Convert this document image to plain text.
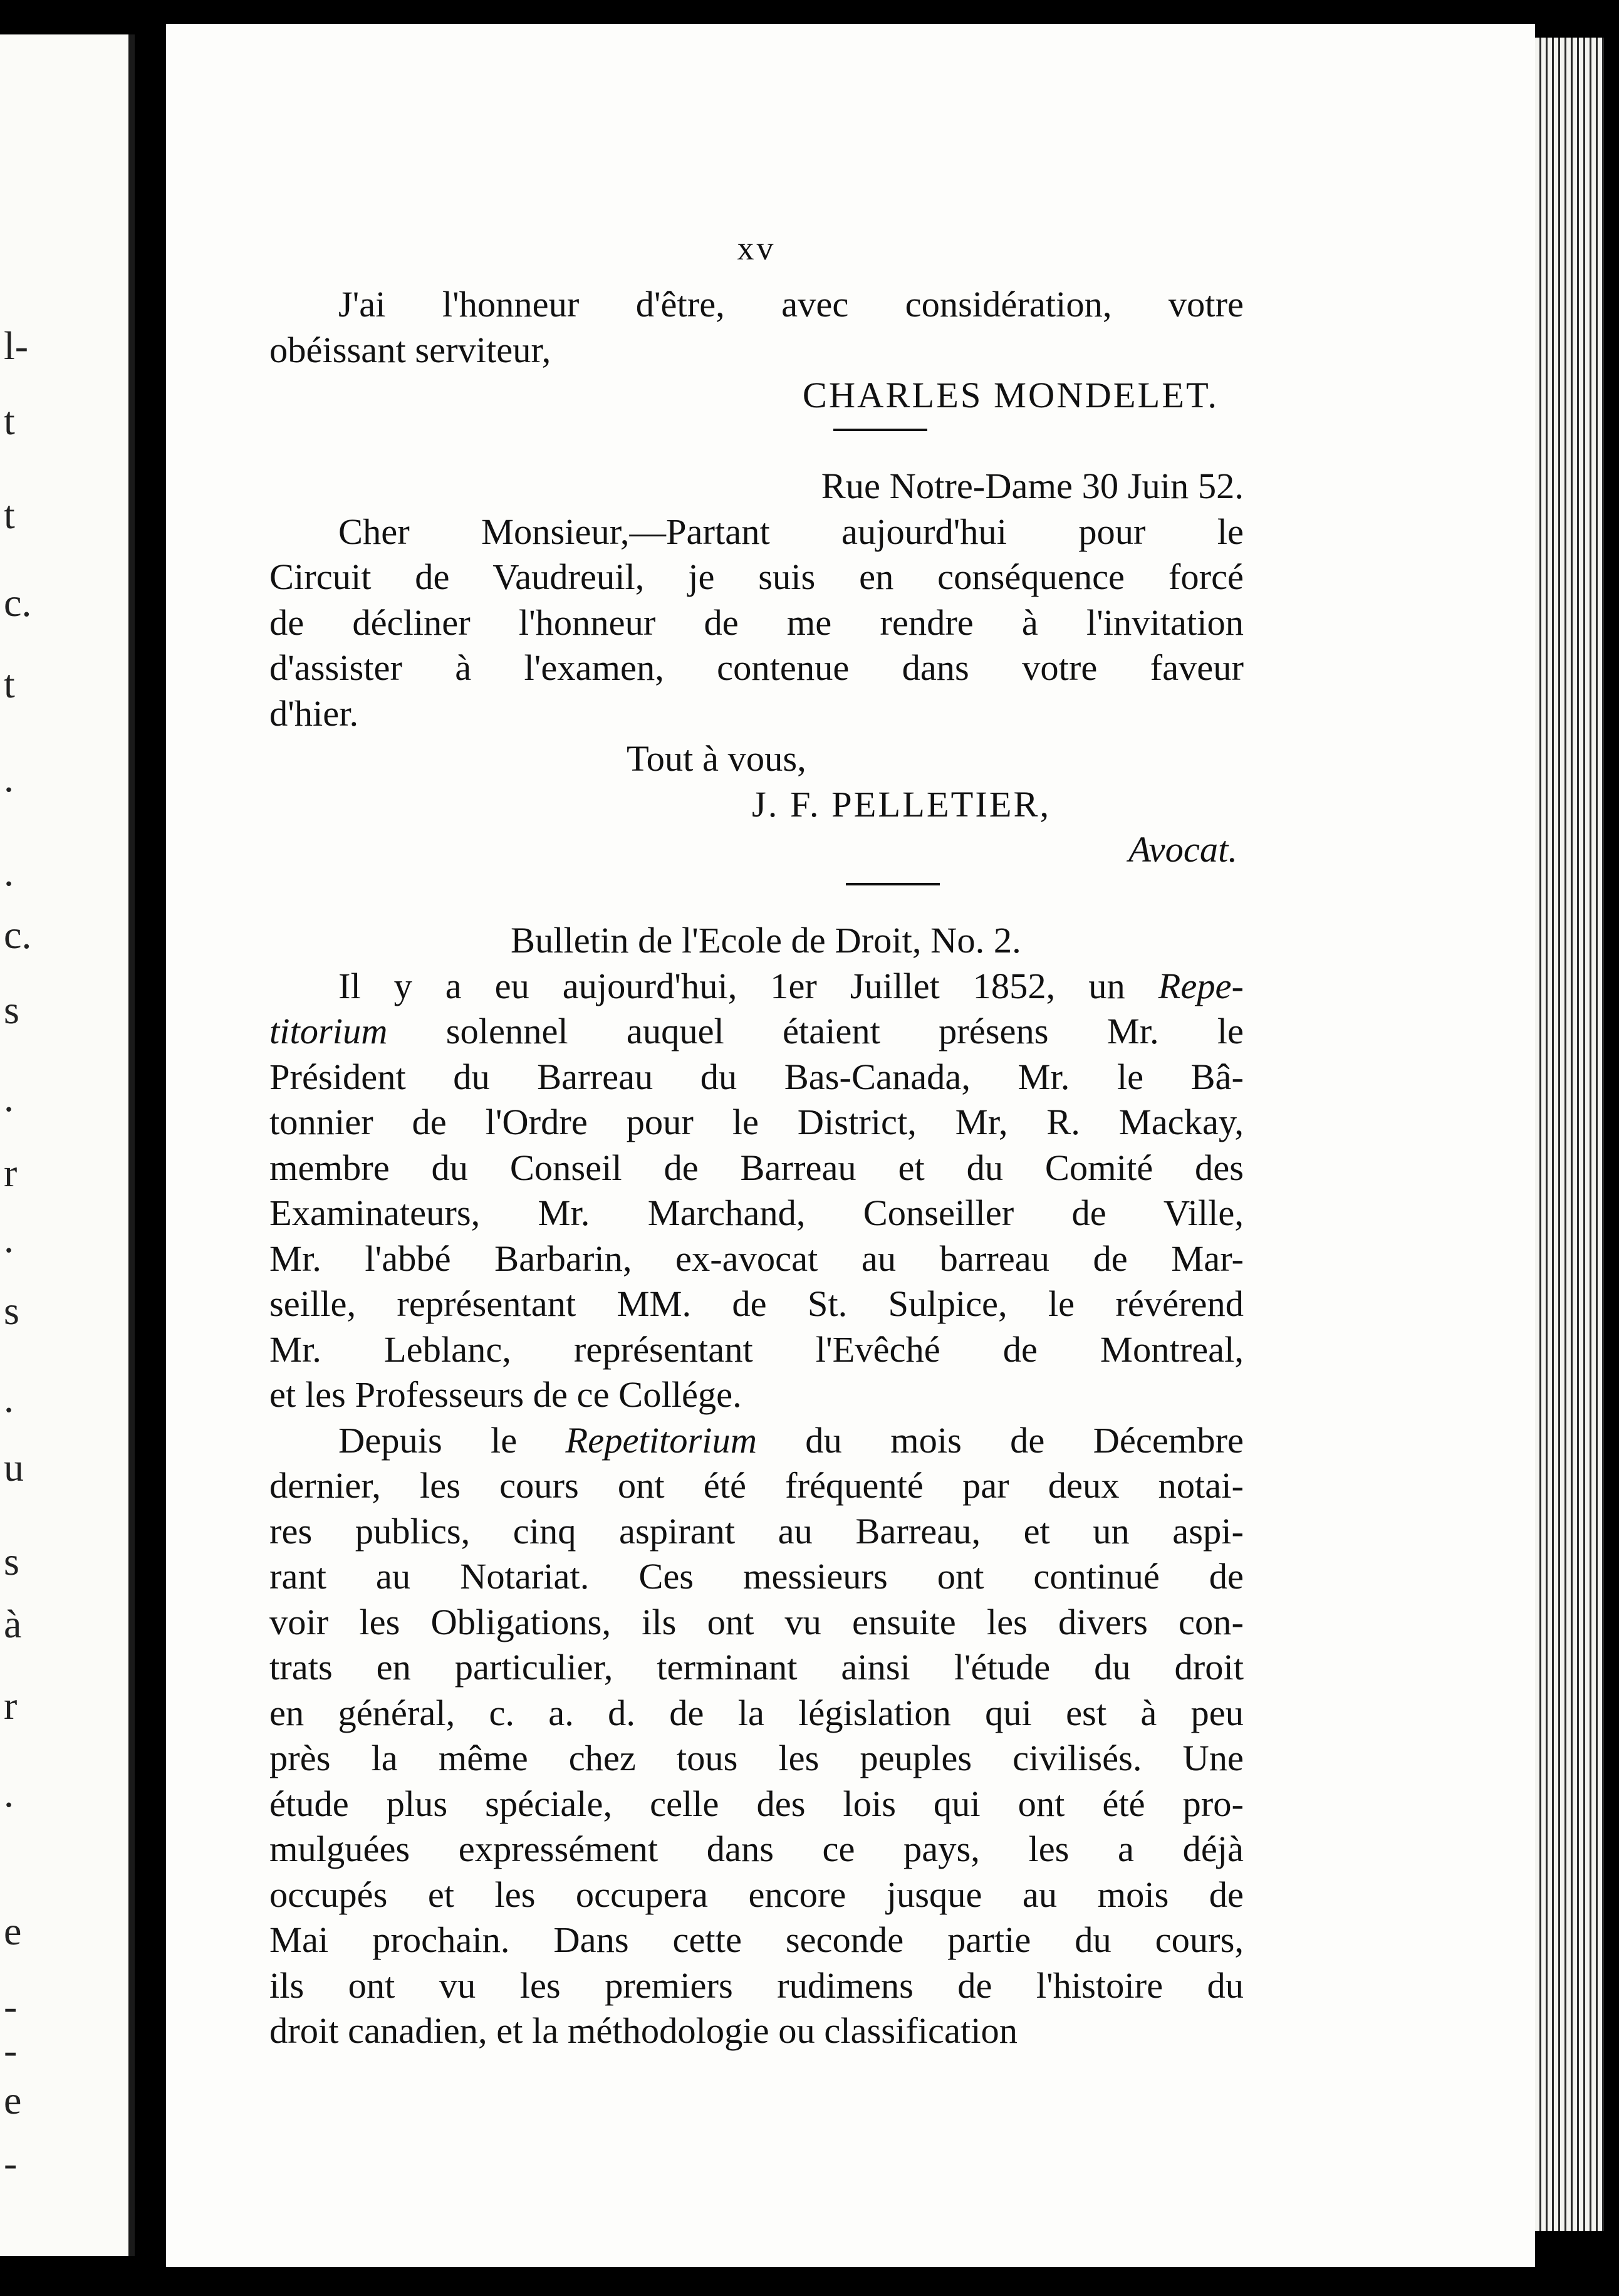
l-
t
t
c.
t
.
.
c.
s
.
r
.
s
.
u
s
à
r
.
e
-
-
e
-
xv
J'ai l'honneur d'être, avec considération, votre
obéissant serviteur,
CHARLES MONDELET.
Rue Notre-Dame 30 Juin 52.
Cher Monsieur,—Partant aujourd'hui pour le
Circuit de Vaudreuil, je suis en conséquence forcé
de décliner l'honneur de me rendre à l'invitation
d'assister à l'examen, contenue dans votre faveur
d'hier.
Tout à vous,
J. F. PELLETIER,
Avocat.
Bulletin de l'Ecole de Droit, No. 2.
Il y a eu aujourd'hui, 1er Juillet 1852, un Repe-
titorium solennel auquel étaient présens Mr. le
Président du Barreau du Bas-Canada, Mr. le Bâ-
tonnier de l'Ordre pour le District, Mr, R. Mackay,
membre du Conseil de Barreau et du Comité des
Examinateurs, Mr. Marchand, Conseiller de Ville,
Mr. l'abbé Barbarin, ex-avocat au barreau de Mar-
seille, représentant MM. de St. Sulpice, le révérend
Mr. Leblanc, représentant l'Evêché de Montreal,
et les Professeurs de ce Collége.
Depuis le Repetitorium du mois de Décembre
dernier, les cours ont été fréquenté par deux notai-
res publics, cinq aspirant au Barreau, et un aspi-
rant au Notariat. Ces messieurs ont continué de
voir les Obligations, ils ont vu ensuite les divers con-
trats en particulier, terminant ainsi l'étude du droit
en général, c. a. d. de la législation qui est à peu
près la même chez tous les peuples civilisés. Une
étude plus spéciale, celle des lois qui ont été pro-
mulguées expressément dans ce pays, les a déjà
occupés et les occupera encore jusque au mois de
Mai prochain. Dans cette seconde partie du cours,
ils ont vu les premiers rudimens de l'histoire du
droit canadien, et la méthodologie ou classification
